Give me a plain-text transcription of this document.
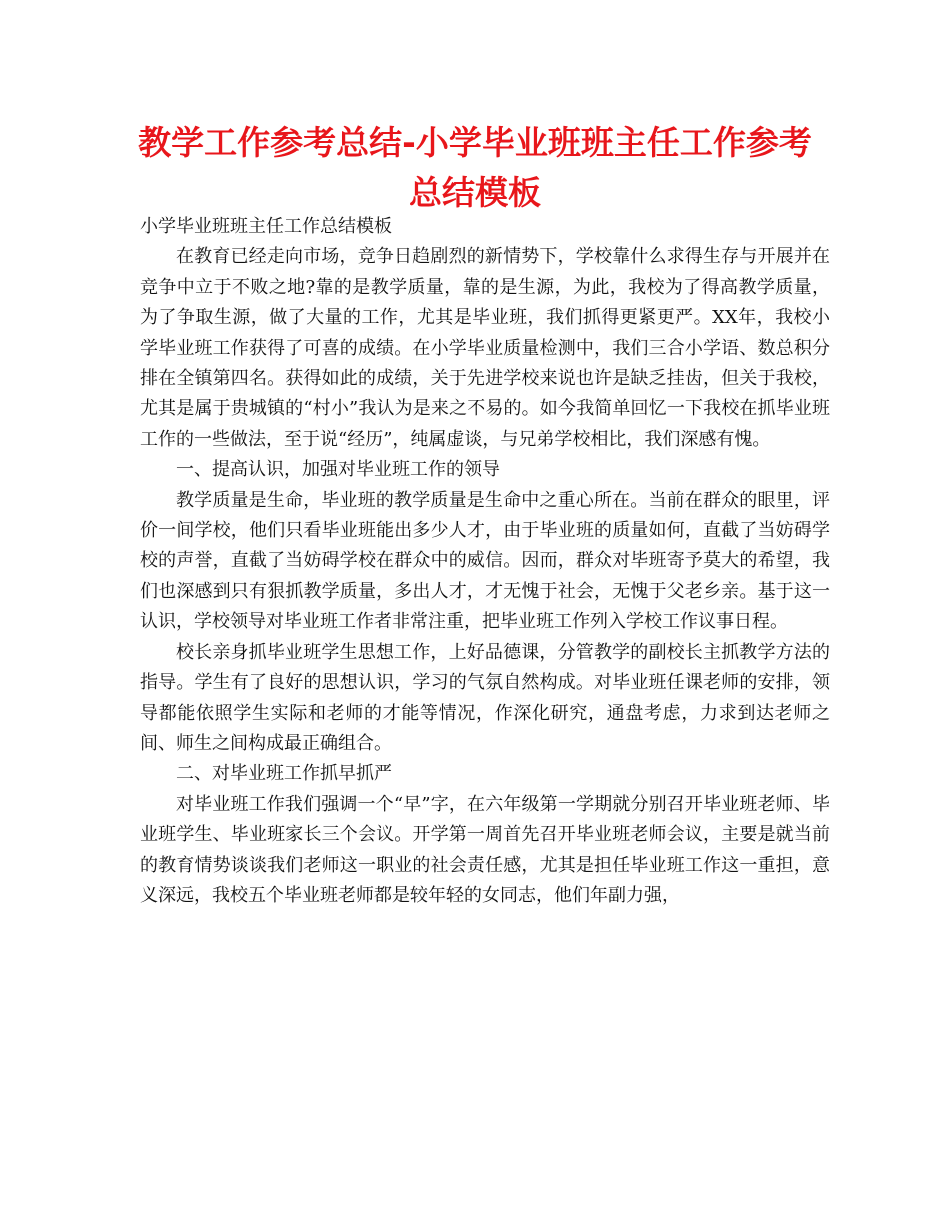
教学工作参考总结-小学毕业班班主任工作参考总结模板

小学毕业班班主任工作总结模板

在教育已经走向市场，竞争日趋剧烈的新情势下，学校靠什么求得生存与开展并在竞争中立于不败之地?靠的是教学质量，靠的是生源，为此，我校为了得高教学质量，为了争取生源，做了大量的工作，尤其是毕业班，我们抓得更紧更严。XX年，我校小学毕业班工作获得了可喜的成绩。在小学毕业质量检测中，我们三合小学语、数总积分排在全镇第四名。获得如此的成绩，关于先进学校来说也许是缺乏挂齿，但关于我校，尤其是属于贵城镇的“村小”我认为是来之不易的。如今我简单回忆一下我校在抓毕业班工作的一些做法，至于说“经历”，纯属虚谈，与兄弟学校相比，我们深感有愧。

一、提高认识，加强对毕业班工作的领导

教学质量是生命，毕业班的教学质量是生命中之重心所在。当前在群众的眼里，评价一间学校，他们只看毕业班能出多少人才，由于毕业班的质量如何，直截了当妨碍学校的声誉，直截了当妨碍学校在群众中的威信。因而，群众对毕班寄予莫大的希望，我们也深感到只有狠抓教学质量，多出人才，才无愧于社会，无愧于父老乡亲。基于这一认识，学校领导对毕业班工作者非常注重，把毕业班工作列入学校工作议事日程。

校长亲身抓毕业班学生思想工作，上好品德课，分管教学的副校长主抓教学方法的指导。学生有了良好的思想认识，学习的气氛自然构成。对毕业班任课老师的安排，领导都能依照学生实际和老师的才能等情况，作深化研究，通盘考虑，力求到达老师之间、师生之间构成最正确组合。

二、对毕业班工作抓早抓严

对毕业班工作我们强调一个“早”字，在六年级第一学期就分别召开毕业班老师、毕业班学生、毕业班家长三个会议。开学第一周首先召开毕业班老师会议，主要是就当前的教育情势谈谈我们老师这一职业的社会责任感，尤其是担任毕业班工作这一重担，意义深远，我校五个毕业班老师都是较年轻的女同志，他们年副力强，
